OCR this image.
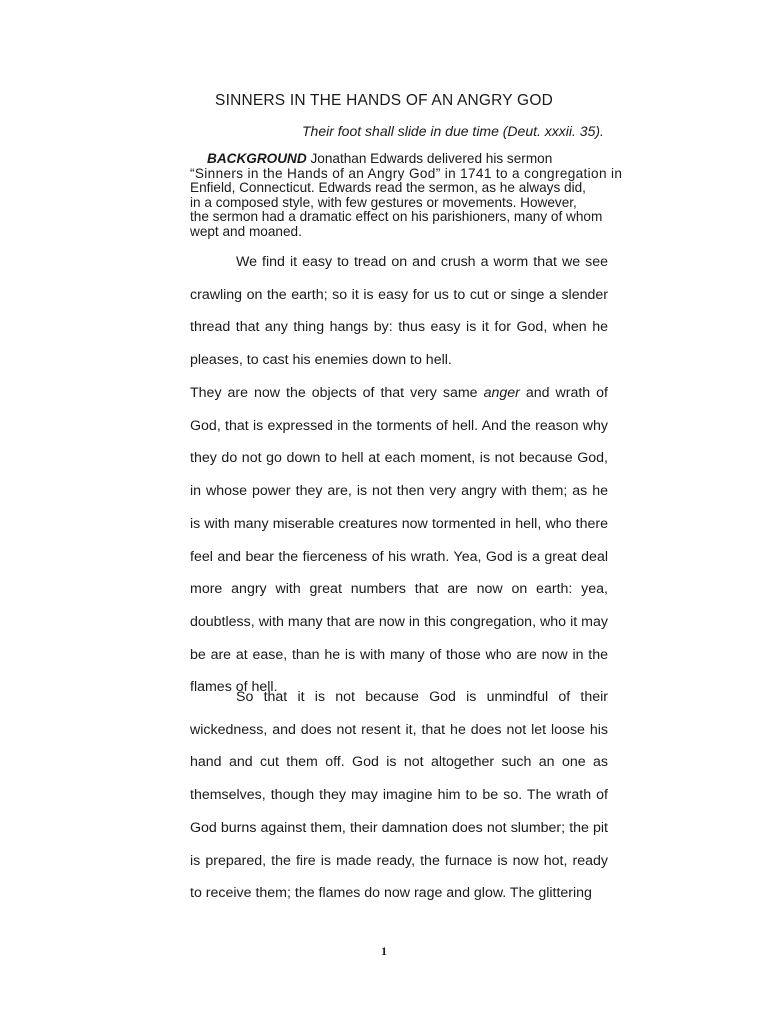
SINNERS IN THE HANDS OF AN ANGRY GOD
Their foot shall slide in due time (Deut. xxxii. 35).
BACKGROUND Jonathan Edwards delivered his sermon
“Sinners in the Hands of an Angry God” in 1741 to a congregation in
Enfield, Connecticut. Edwards read the sermon, as he always did,
in a composed style, with few gestures or movements. However,
the sermon had a dramatic effect on his parishioners, many of whom
wept and moaned.

We find it easy to tread on and crush a worm that we see crawling on the earth; so it is easy for us to cut or singe a slender thread that any thing hangs by: thus easy is it for God, when he pleases, to cast his enemies down to hell.

They are now the objects of that very same anger and wrath of God, that is expressed in the torments of hell. And the reason why they do not go down to hell at each moment, is not because God, in whose power they are, is not then very angry with them; as he is with many miserable creatures now tormented in hell, who there feel and bear the fierceness of his wrath. Yea, God is a great deal more angry with great numbers that are now on earth: yea, doubtless, with many that are now in this congregation, who it may be are at ease, than he is with many of those who are now in the flames of hell.

So that it is not because God is unmindful of their wickedness, and does not resent it, that he does not let loose his hand and cut them off. God is not altogether such an one as themselves, though they may imagine him to be so. The wrath of God burns against them, their damnation does not slumber; the pit is prepared, the fire is made ready, the furnace is now hot, ready to receive them; the flames do now rage and glow. The glittering

1
